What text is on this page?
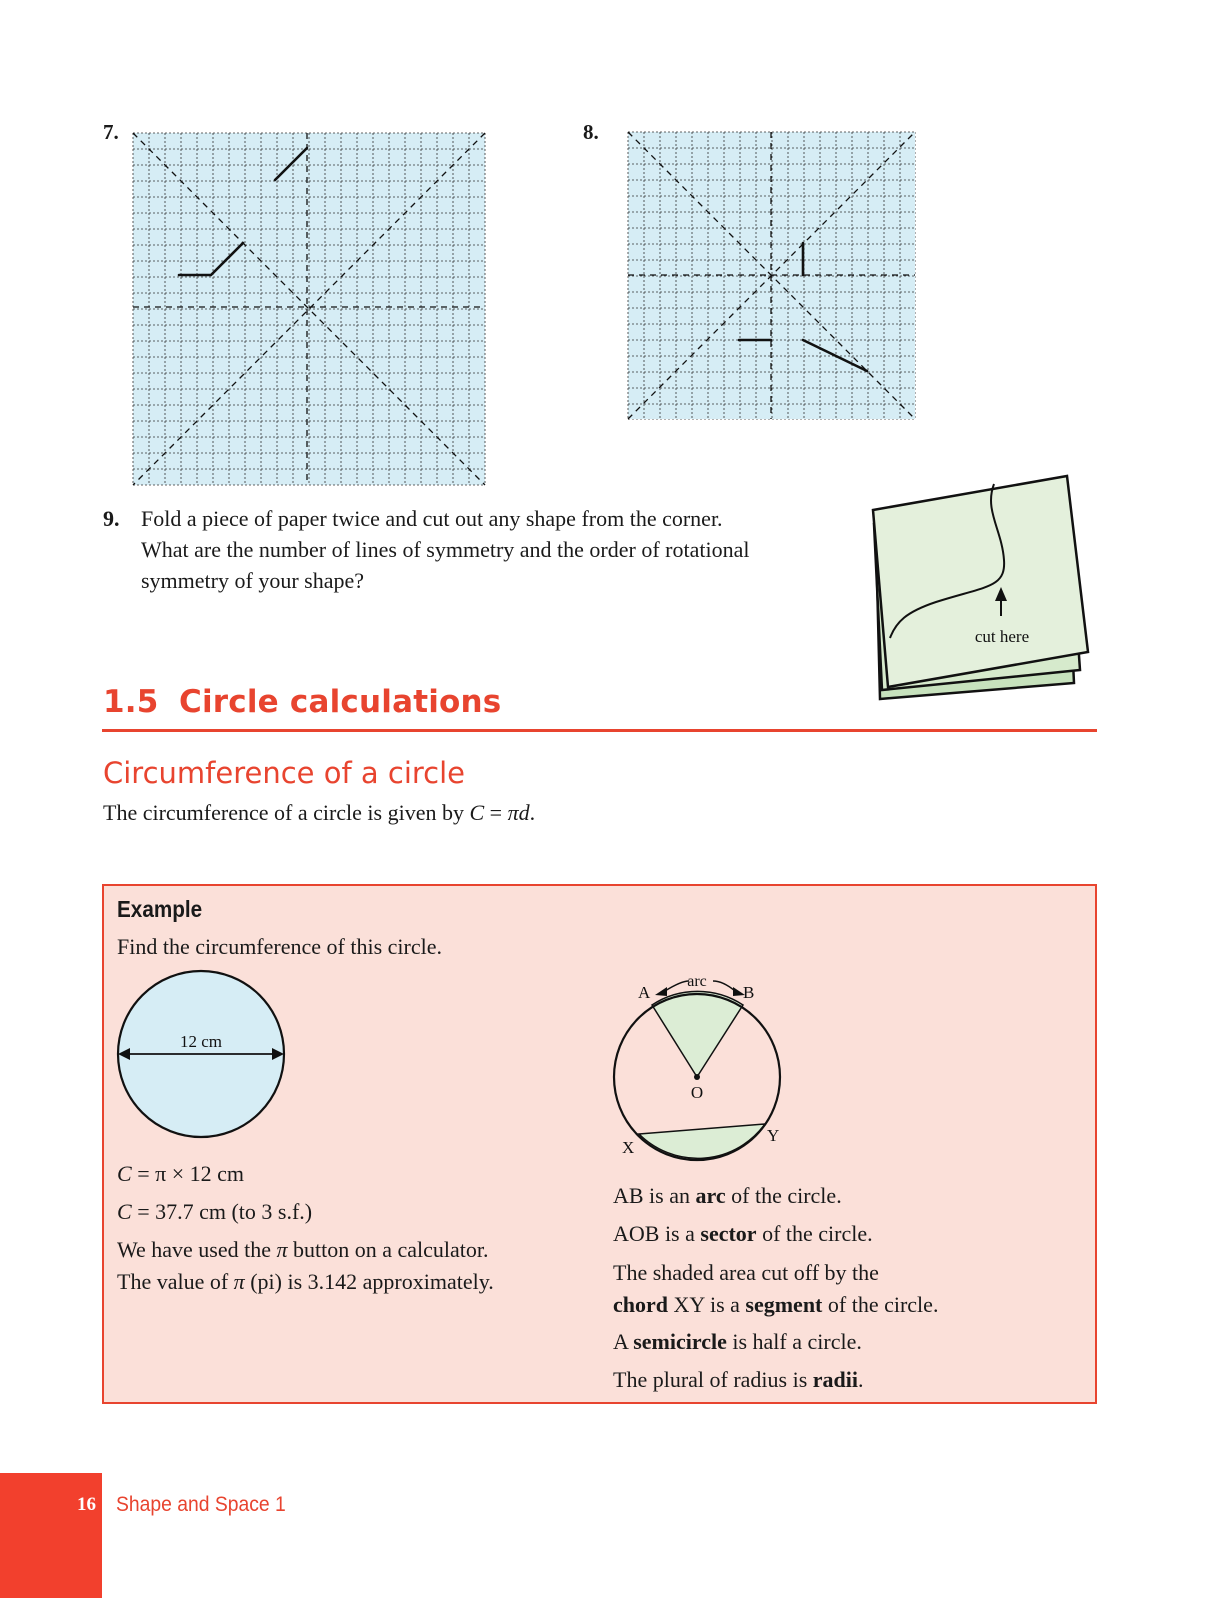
7.	8.
9. Fold a piece of paper twice and cut out any shape from the corner. What are the number of lines of symmetry and the order of rotational symmetry of your shape?
cut here
1.5 Circle calculations
Circumference of a circle
The circumference of a circle is given by C = πd.
Example
Find the circumference of this circle.
12 cm
C = π × 12 cm
C = 37.7 cm (to 3 s.f.)
We have used the π button on a calculator.
The value of π (pi) is 3.142 approximately.
arc
A	B
O
X
Y
AB is an arc of the circle.
AOB is a sector of the circle.
The shaded area cut off by the
chord XY is a segment of the circle.
A semicircle is half a circle.
The plural of radius is radii.
16 Shape and Space 1
